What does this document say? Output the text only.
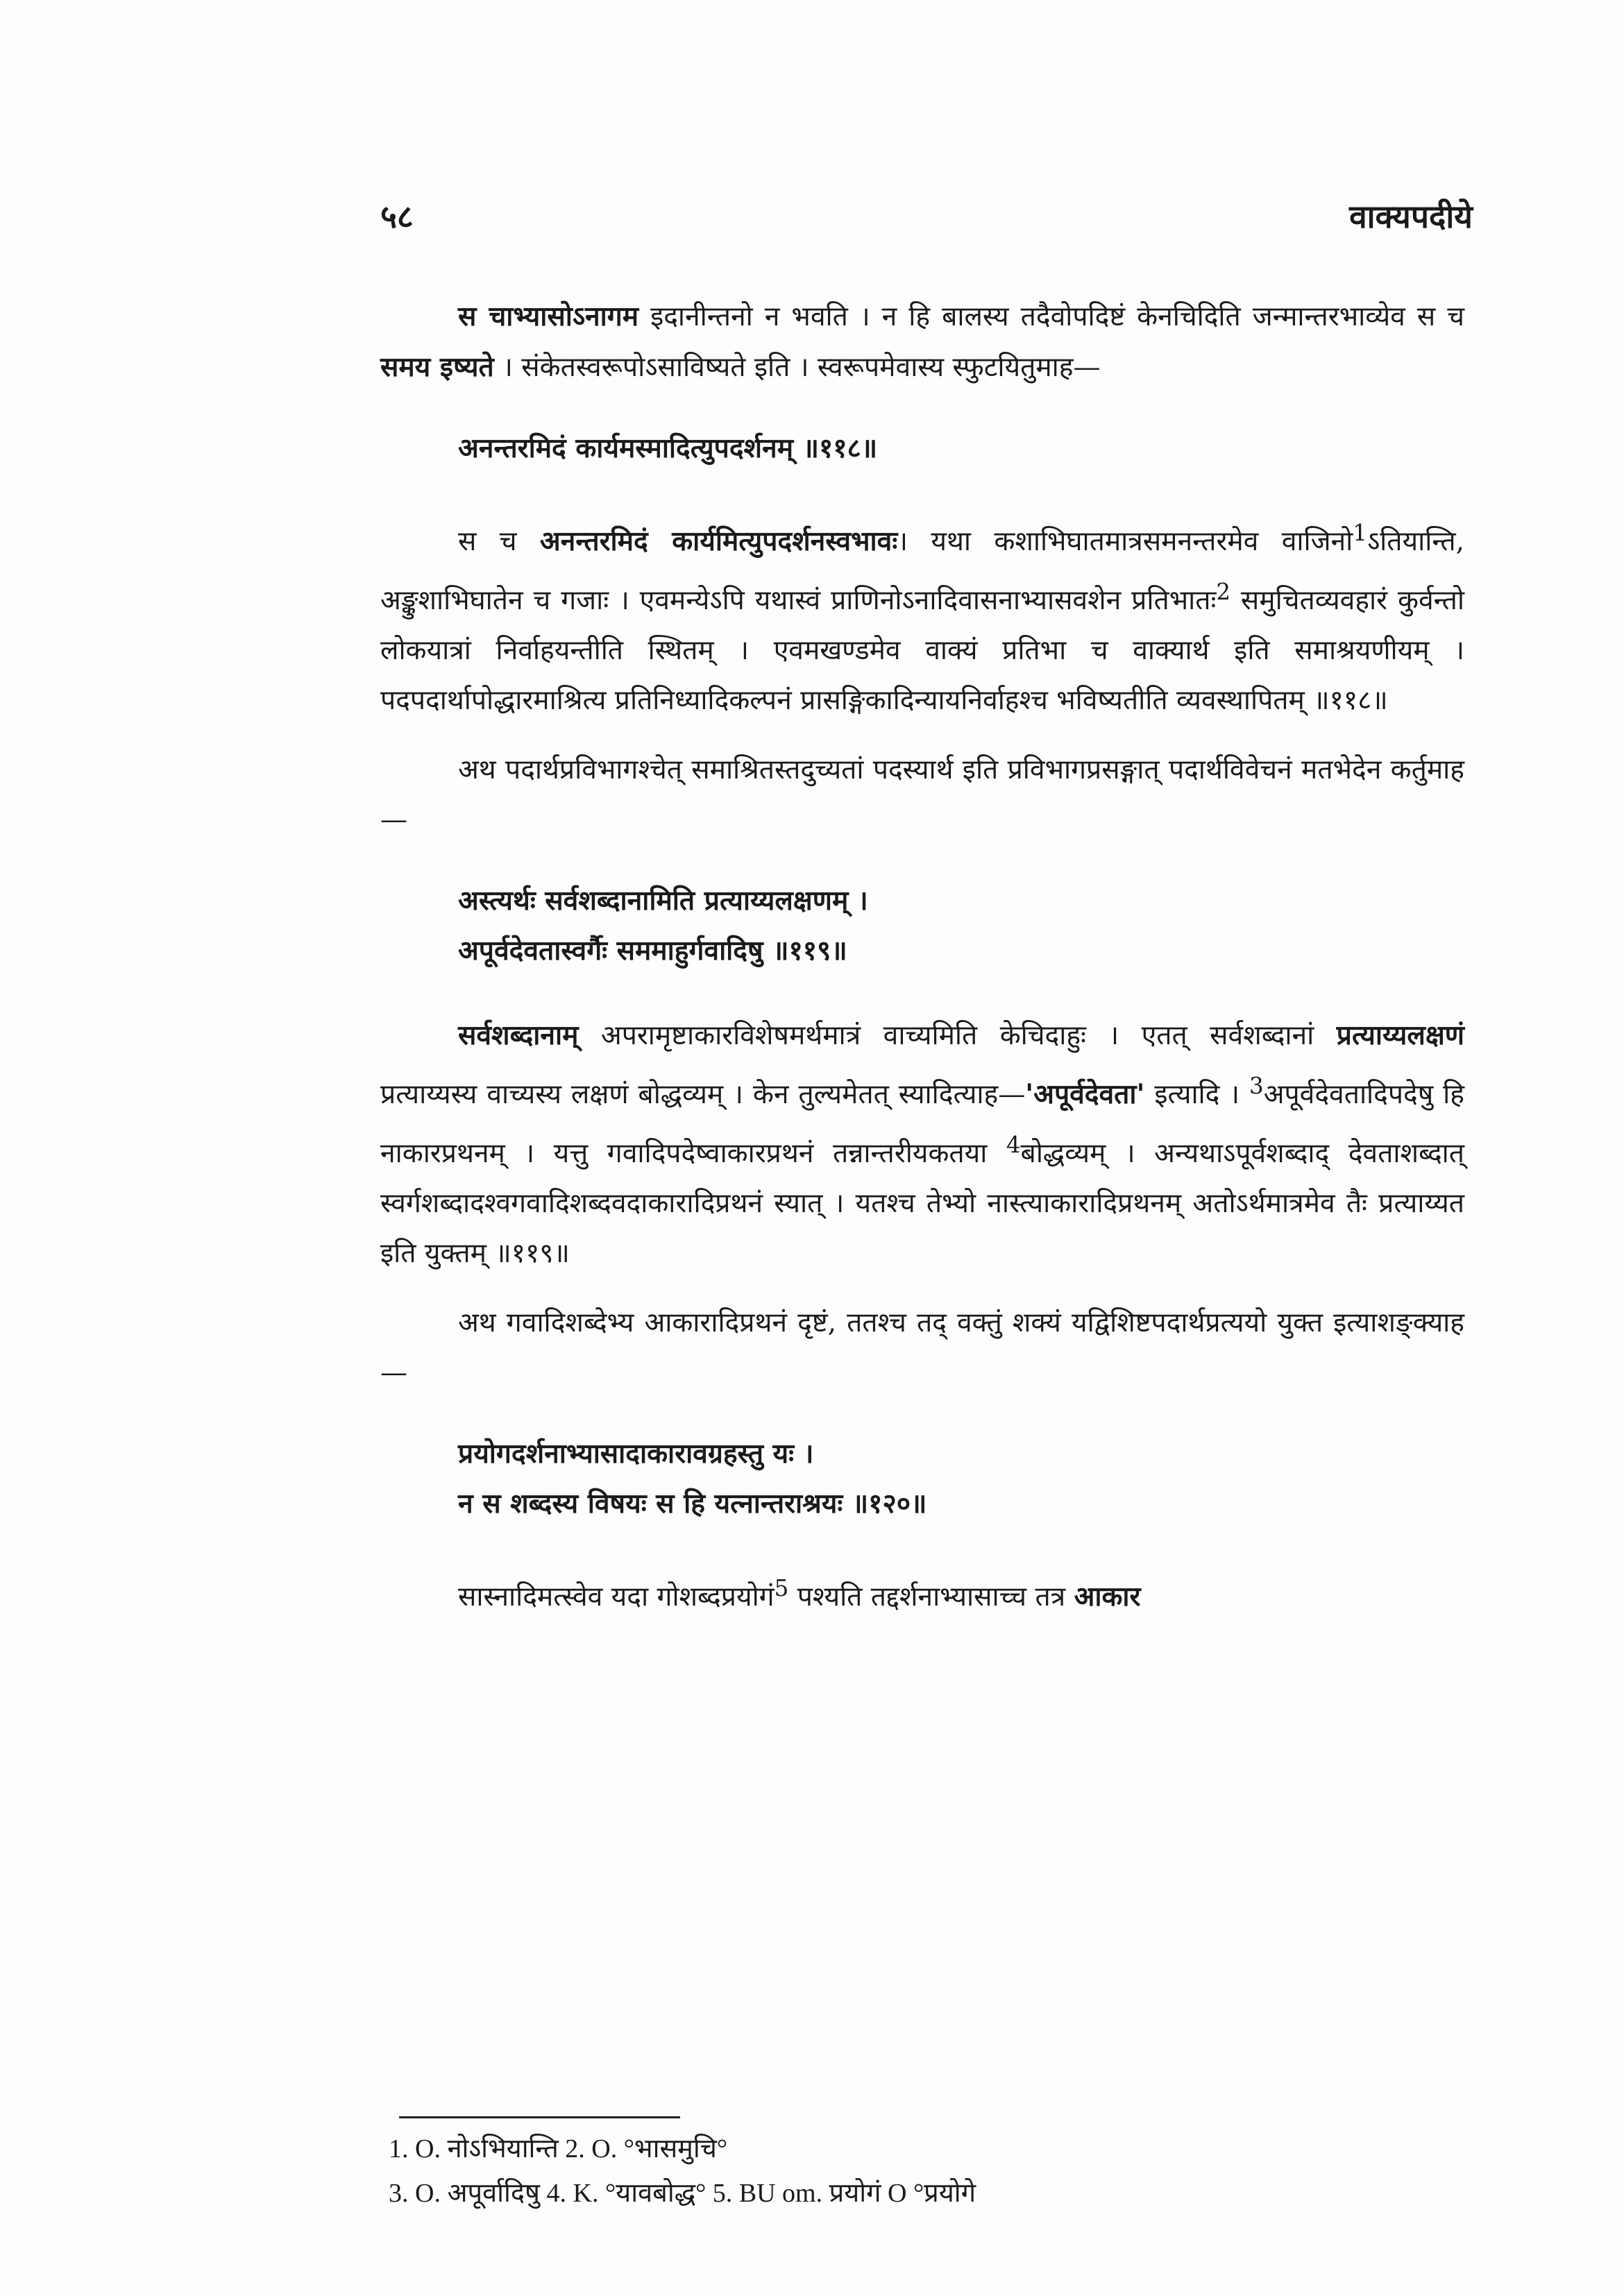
५८	वाक्यपदीये

स चाभ्यासोऽनागम इदानीन्तनो न भवति । न हि बालस्य तदैवोपदिष्टं केनचिदिति जन्मान्तरभाव्येव स च समय इष्यते । संकेतस्वरूपोऽसाविष्यते इति । स्वरूपमेवास्य स्फुटयितुमाह—

अनन्तरमिदं कार्यमस्मादित्युपदर्शनम् ॥११८॥

स च अनन्तरमिदं कार्यमित्युपदर्शनस्वभावः। यथा कशाभिघातमात्रसमनन्तरमेव वाजिनो$^1$ऽतियान्ति, अङ्कुशाभिघातेन च गजाः । एवमन्येऽपि यथास्वं प्राणिनोऽनादिवासनाभ्यासवशेन प्रतिभातः$^2$ समुचितव्यवहारं कुर्वन्तो लोकयात्रां निर्वाहयन्तीति स्थितम् । एवमखण्डमेव वाक्यं प्रतिभा च वाक्यार्थ इति समाश्रयणीयम् । पदपदार्थापोद्धारमाश्रित्य प्रतिनिध्यादिकल्पनं प्रासङ्गिकादिन्यायनिर्वाहश्च भविष्यतीति व्यवस्थापितम् ॥११८॥

अथ पदार्थप्रविभागश्चेत् समाश्रितस्तदुच्यतां पदस्यार्थ इति प्रविभागप्रसङ्गात् पदार्थविवेचनं मतभेदेन कर्तुमाह—

अस्त्यर्थः सर्वशब्दानामिति प्रत्याय्यलक्षणम् ।
अपूर्वदेवतास्वर्गैः सममाहुर्गवादिषु ॥११९॥

सर्वशब्दानाम् अपरामृष्टाकारविशेषमर्थमात्रं वाच्यमिति केचिदाहुः । एतत् सर्वशब्दानां प्रत्याय्यलक्षणं प्रत्याय्यस्य वाच्यस्य लक्षणं बोद्धव्यम् । केन तुल्यमेतत् स्यादित्याह—'अपूर्वदेवता' इत्यादि । $^3$अपूर्वदेवतादिपदेषु हि नाकारप्रथनम् । यत्तु गवादिपदेष्वाकारप्रथनं तन्नान्तरीयकतया $^4$बोद्धव्यम् । अन्यथाऽपूर्वशब्दाद् देवताशब्दात् स्वर्गशब्दादश्वगवादिशब्दवदाकारादिप्रथनं स्यात् । यतश्च तेभ्यो नास्त्याकारादिप्रथनम् अतोऽर्थमात्रमेव तैः प्रत्याय्यत इति युक्तम् ॥११९॥

अथ गवादिशब्देभ्य आकारादिप्रथनं दृष्टं, ततश्च तद् वक्तुं शक्यं यद्विशिष्टपदार्थप्रत्ययो युक्त इत्याशङ्क्याह—

प्रयोगदर्शनाभ्यासादाकारावग्रहस्तु यः ।
न स शब्दस्य विषयः स हि यत्नान्तराश्रयः ॥१२०॥

सास्नादिमत्स्वेव यदा गोशब्दप्रयोगं$^5$ पश्यति तद्दर्शनाभ्यासाच्च तत्र आकार

1. O. नोऽभियान्ति 2. O. °भासमुचि°
3. O. अपूर्वादिषु 4. K. °यावबोद्ध° 5. BU om. प्रयोगं O °प्रयोगे
